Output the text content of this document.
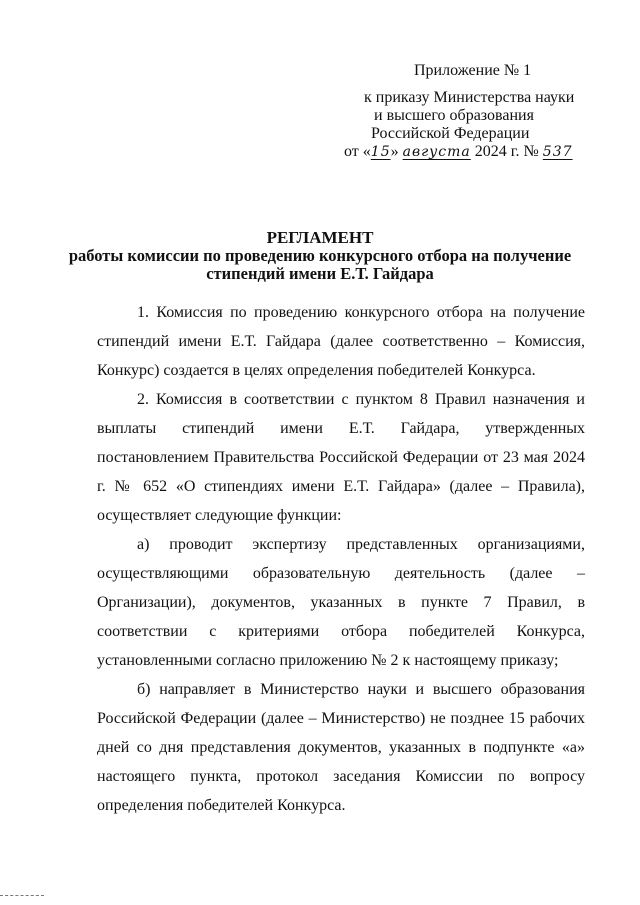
Приложение № 1
к приказу Министерства науки
и высшего образования
Российской Федерации
от «15» августа 2024 г. № 537
РЕГЛАМЕНТ
работы комиссии по проведению конкурсного отбора на получение
стипендий имени Е.Т. Гайдара

1. Комиссия по проведению конкурсного отбора на получение стипендий имени Е.Т. Гайдара (далее соответственно – Комиссия, Конкурс) создается в целях определения победителей Конкурса.

2. Комиссия в соответствии с пунктом 8 Правил назначения и выплаты стипендий имени Е.Т. Гайдара, утвержденных постановлением Правительства Российской Федерации от 23 мая 2024 г. № 652 «О стипендиях имени Е.Т. Гайдара» (далее – Правила), осуществляет следующие функции:

а) проводит экспертизу представленных организациями, осуществляющими образовательную деятельность (далее – Организации), документов, указанных в пункте 7 Правил, в соответствии с критериями отбора победителей Конкурса, установленными согласно приложению № 2 к настоящему приказу;

б) направляет в Министерство науки и высшего образования Российской Федерации (далее – Министерство) не позднее 15 рабочих дней со дня представления документов, указанных в подпункте «а» настоящего пункта, протокол заседания Комиссии по вопросу определения победителей Конкурса.
